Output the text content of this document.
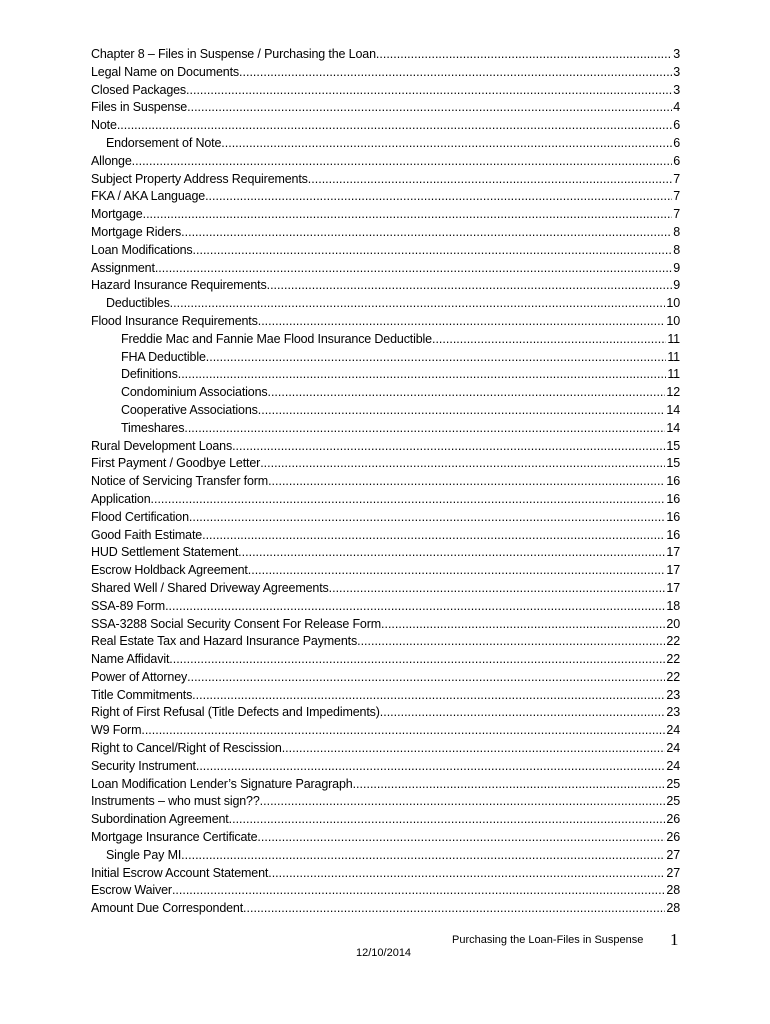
Chapter 8 – Files in Suspense / Purchasing the Loan .....	3
Legal Name on Documents .....	3
Closed Packages .....	3
Files in Suspense .....	4
Note .....	6
Endorsement of Note .....	6
Allonge .....	6
Subject Property Address Requirements .....	7
FKA / AKA Language .....	7
Mortgage .....	7
Mortgage Riders .....	8
Loan Modifications .....	8
Assignment .....	9
Hazard Insurance Requirements .....	9
Deductibles .....	10
Flood Insurance Requirements .....	10
Freddie Mac and Fannie Mae Flood Insurance Deductible .....	11
FHA Deductible .....	11
Definitions .....	11
Condominium Associations .....	12
Cooperative Associations .....	14
Timeshares .....	14
Rural Development Loans .....	15
First Payment / Goodbye Letter .....	15
Notice of Servicing Transfer form .....	16
Application .....	16
Flood Certification .....	16
Good Faith Estimate .....	16
HUD Settlement Statement .....	17
Escrow Holdback Agreement .....	17
Shared Well / Shared Driveway Agreements .....	17
SSA-89 Form .....	18
SSA-3288 Social Security Consent For Release Form .....	20
Real Estate Tax and Hazard Insurance Payments .....	22
Name Affidavit .....	22
Power of Attorney .....	22
Title Commitments .....	23
Right of First Refusal (Title Defects and Impediments) .....	23
W9 Form .....	24
Right to Cancel/Right of Rescission .....	24
Security Instrument .....	24
Loan Modification Lender’s Signature Paragraph .....	25
Instruments – who must sign?? .....	25
Subordination Agreement .....	26
Mortgage Insurance Certificate .....	26
Single Pay MI .....	27
Initial Escrow Account Statement .....	27
Escrow Waiver .....	28
Amount Due Correspondent .....	28
Purchasing the Loan-Files in Suspense 1
12/10/2014
